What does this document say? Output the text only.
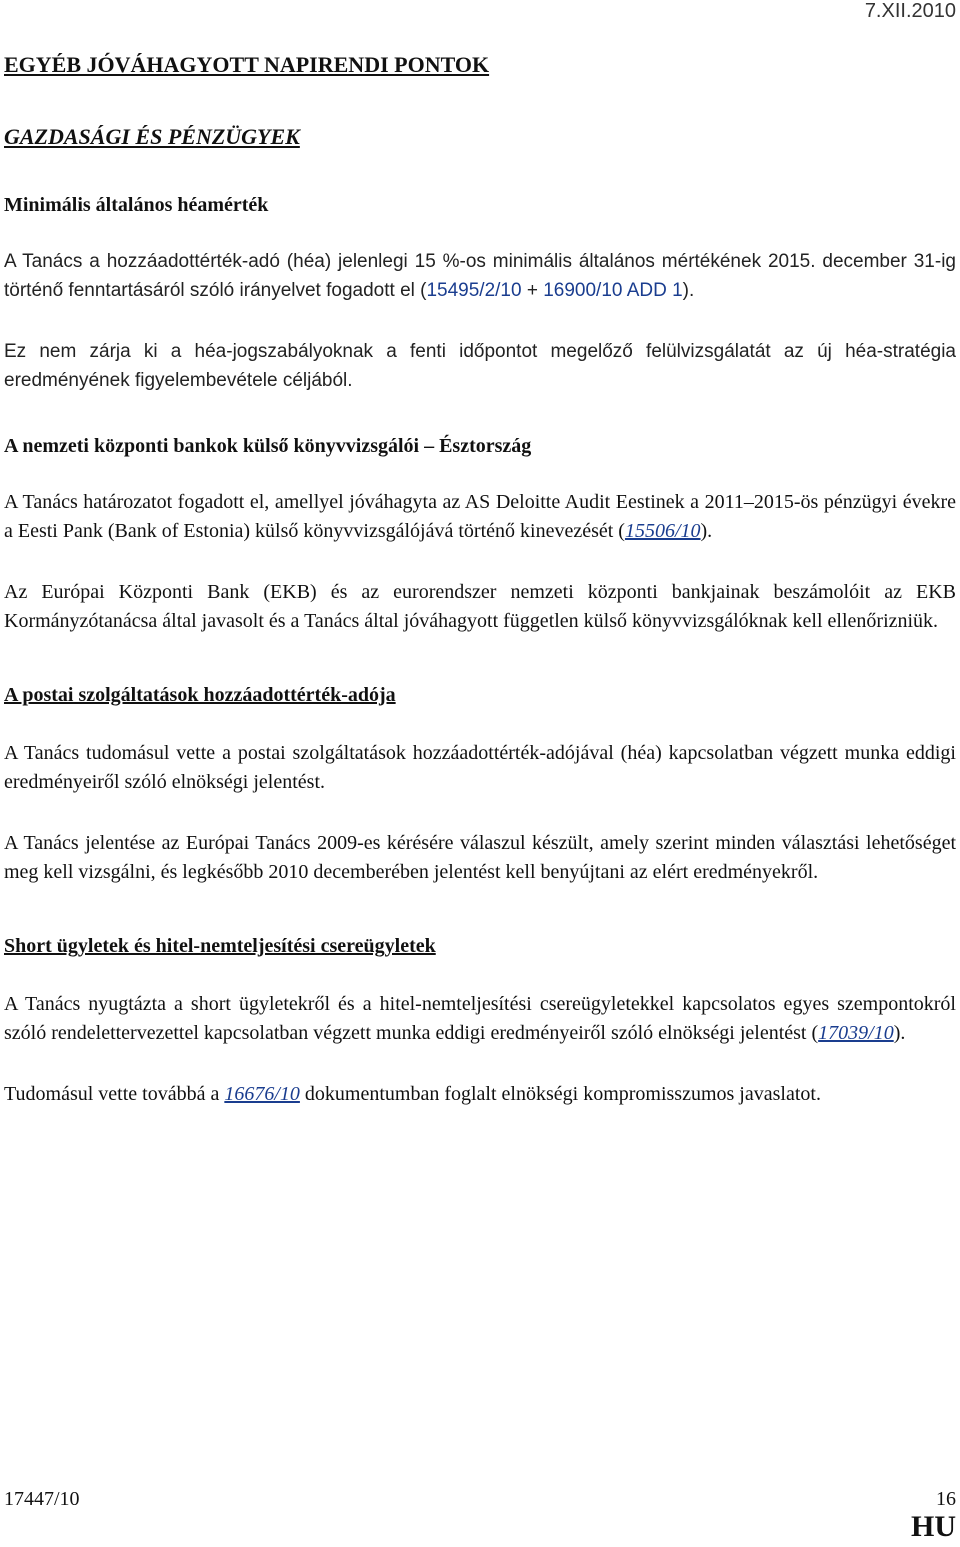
7.XII.2010
EGYÉB JÓVÁHAGYOTT NAPIRENDI PONTOK
GAZDASÁGI ÉS PÉNZÜGYEK
Minimális általános héamérték

A Tanács a hozzáadottérték-adó (héa) jelenlegi 15 %-os minimális általános mértékének 2015. december 31-ig történő fenntartásáról szóló irányelvet fogadott el (15495/2/10 + 16900/10 ADD 1).

Ez nem zárja ki a héa-jogszabályoknak a fenti időpontot megelőző felülvizsgálatát az új héa-stratégia eredményének figyelembevétele céljából.

A nemzeti központi bankok külső könyvvizsgálói – Észtország

A Tanács határozatot fogadott el, amellyel jóváhagyta az AS Deloitte Audit Eestinek a 2011–2015-ös pénzügyi évekre a Eesti Pank (Bank of Estonia) külső könyvvizsgálójává történő kinevezését (15506/10).

Az Európai Központi Bank (EKB) és az eurorendszer nemzeti központi bankjainak beszámolóit az EKB Kormányzótanácsa által javasolt és a Tanács által jóváhagyott független külső könyvvizsgálóknak kell ellenőrizniük.

A postai szolgáltatások hozzáadottérték-adója

A Tanács tudomásul vette a postai szolgáltatások hozzáadottérték-adójával (héa) kapcsolatban végzett munka eddigi eredményeiről szóló elnökségi jelentést.

A Tanács jelentése az Európai Tanács 2009-es kérésére válaszul készült, amely szerint minden választási lehetőséget meg kell vizsgálni, és legkésőbb 2010 decemberében jelentést kell benyújtani az elért eredményekről.

Short ügyletek és hitel-nemteljesítési csereügyletek

A Tanács nyugtázta a short ügyletekről és a hitel-nemteljesítési csereügyletekkel kapcsolatos egyes szempontokról szóló rendelettervezettel kapcsolatban végzett munka eddigi eredményeiről szóló elnökségi jelentést (17039/10).

Tudomásul vette továbbá a 16676/10 dokumentumban foglalt elnökségi kompromisszumos javaslatot.

17447/10	16
HU
